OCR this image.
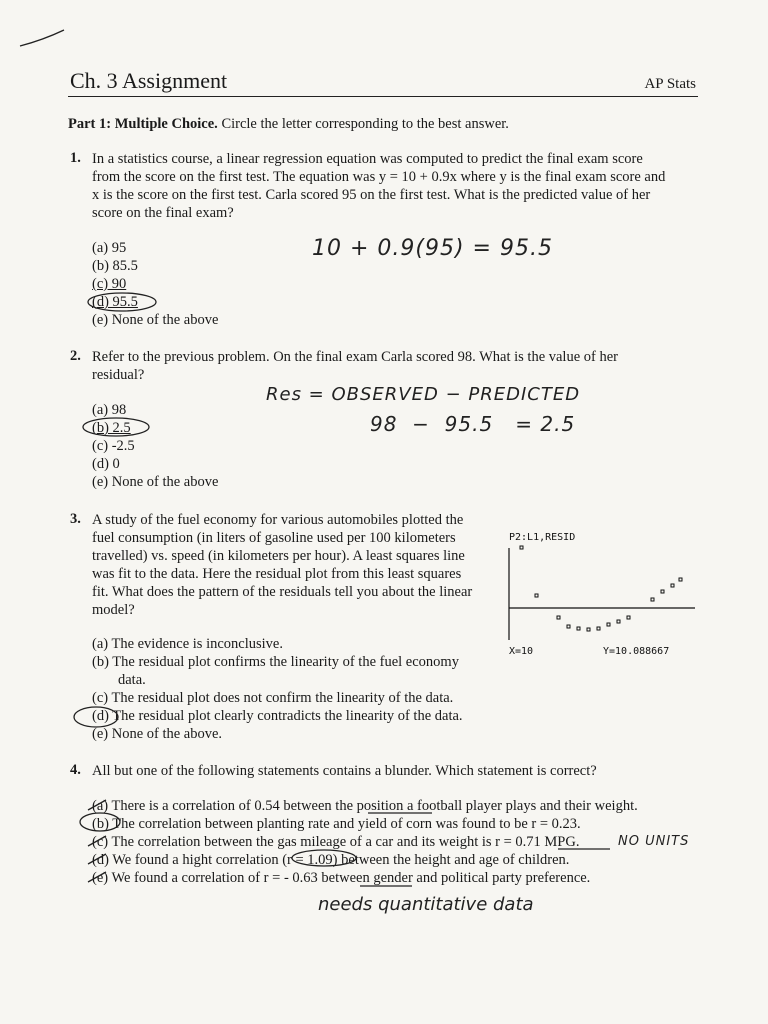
Ch. 3 Assignment	AP Stats
Part 1: Multiple Choice. Circle the letter corresponding to the best answer.
1. In a statistics course, a linear regression equation was computed to predict the final exam score
from the score on the first test. The equation was y = 10 + 0.9x where y is the final exam score and
x is the score on the first test. Carla scored 95 on the first test. What is the predicted value of her
score on the final exam?
(a) 95
(b) 85.5
(c) 90
(d) 95.5
(e) None of the above
10 + 0.9(95) = 95.5
2. Refer to the previous problem. On the final exam Carla scored 98. What is the value of her
residual?
(a) 98
(b) 2.5
(c) -2.5
(d) 0
(e) None of the above
Res = OBSERVED − PREDICTED
98  −  95.5   = 2.5
3. A study of the fuel economy for various automobiles plotted the
fuel consumption (in liters of gasoline used per 100 kilometers
travelled) vs. speed (in kilometers per hour). A least squares line
was fit to the data. Here the residual plot from this least squares
fit. What does the pattern of the residuals tell you about the linear
model?
P2:L1,RESID
X=10	Y=10.088667
(a) The evidence is inconclusive.
(b) The residual plot confirms the linearity of the fuel economy
data.
(c) The residual plot does not confirm the linearity of the data.
(d) The residual plot clearly contradicts the linearity of the data.
(e) None of the above.
4. All but one of the following statements contains a blunder. Which statement is correct?
(a) There is a correlation of 0.54 between the position a football player plays and their weight.
(b) The correlation between planting rate and yield of corn was found to be r = 0.23.
(c) The correlation between the gas mileage of a car and its weight is r = 0.71 MPG.
(d) We found a hight correlation (r = 1.09) between the height and age of children.
(e) We found a correlation of r = - 0.63 between gender and political party preference.
NO UNITS
needs quantitative data
